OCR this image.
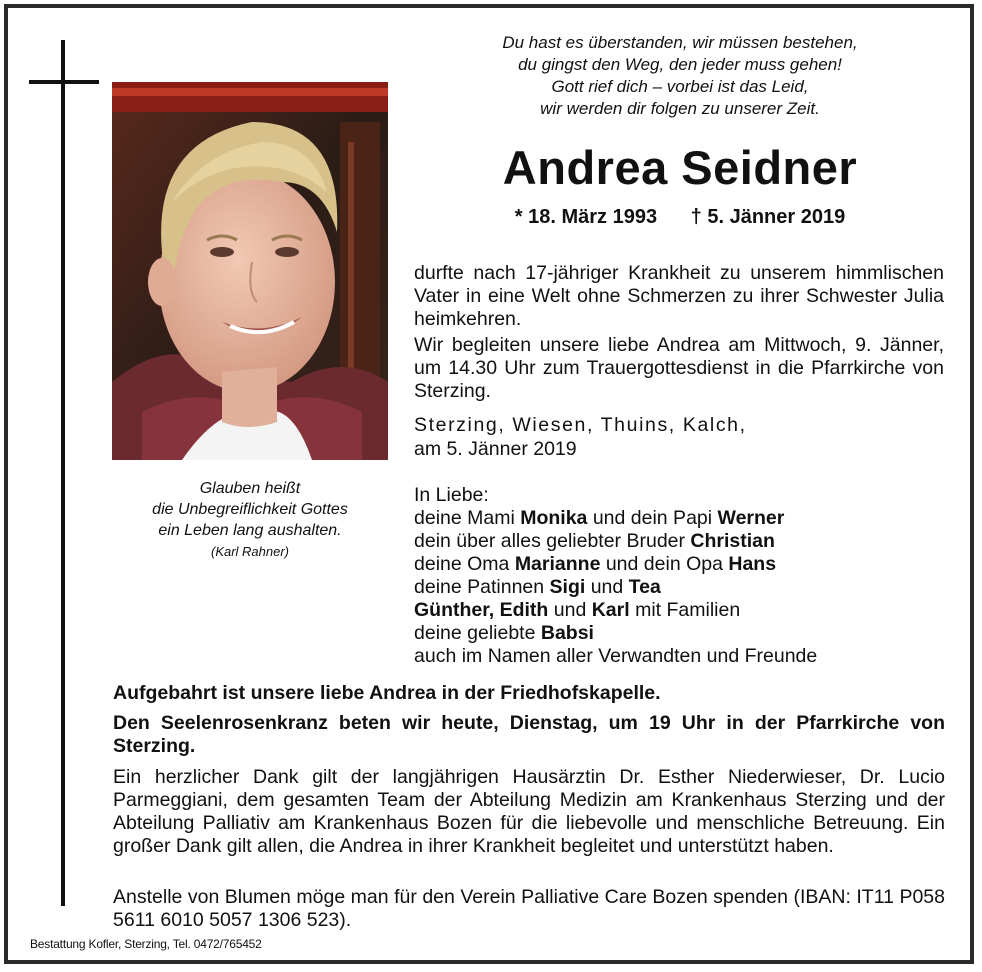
Du hast es überstanden, wir müssen bestehen,
du gingst den Weg, den jeder muss gehen!
Gott rief dich – vorbei ist das Leid,
wir werden dir folgen zu unserer Zeit.
Andrea Seidner
* 18. März 1993 † 5. Jänner 2019
durfte nach 17-jähriger Krankheit zu unserem himmlischen Vater in eine Welt ohne Schmerzen zu ihrer Schwester Julia heimkehren.
Wir begleiten unsere liebe Andrea am Mittwoch, 9. Jänner, um 14.30 Uhr zum Trauergottesdienst in die Pfarrkirche von Sterzing.
Sterzing, Wiesen, Thuins, Kalch,
am 5. Jänner 2019
Glauben heißt
die Unbegreiflichkeit Gottes
ein Leben lang aushalten.
(Karl Rahner)
In Liebe:
deine Mami Monika und dein Papi Werner
dein über alles geliebter Bruder Christian
deine Oma Marianne und dein Opa Hans
deine Patinnen Sigi und Tea
Günther, Edith und Karl mit Familien
deine geliebte Babsi
auch im Namen aller Verwandten und Freunde
Aufgebahrt ist unsere liebe Andrea in der Friedhofskapelle.
Den Seelenrosenkranz beten wir heute, Dienstag, um 19 Uhr in der Pfarrkirche von Sterzing.
Ein herzlicher Dank gilt der langjährigen Hausärztin Dr. Esther Niederwieser, Dr. Lucio Parmeggiani, dem gesamten Team der Abteilung Medizin am Krankenhaus Sterzing und der Abteilung Palliativ am Krankenhaus Bozen für die liebevolle und menschliche Betreuung. Ein großer Dank gilt allen, die Andrea in ihrer Krankheit begleitet und unterstützt haben.
Anstelle von Blumen möge man für den Verein Palliative Care Bozen spenden (IBAN: IT11 P058 5611 6010 5057 1306 523).
Bestattung Kofler, Sterzing, Tel. 0472/765452
